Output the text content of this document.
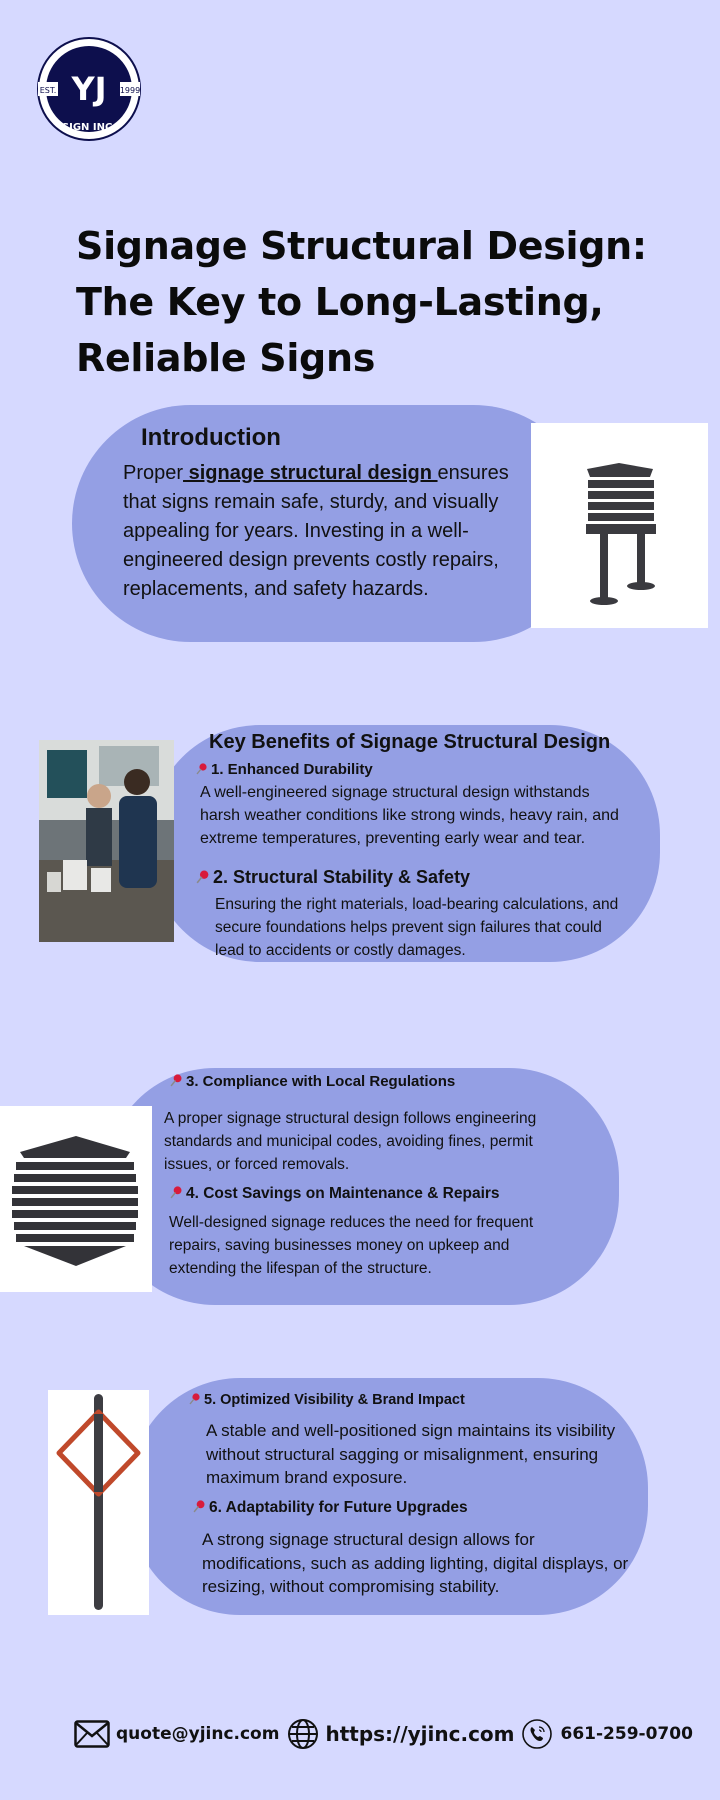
YJ
EST.	1999
SIGN INC.
Signage Structural Design: The Key to Long-Lasting, Reliable Signs
Introduction
Proper signage structural design ensures that signs remain safe, sturdy, and visually appealing for years. Investing in a well-engineered design prevents costly repairs, replacements, and safety hazards.
Key Benefits of Signage Structural Design
1. Enhanced Durability
A well-engineered signage structural design withstands harsh weather conditions like strong winds, heavy rain, and extreme temperatures, preventing early wear and tear.
2. Structural Stability & Safety
Ensuring the right materials, load-bearing calculations, and secure foundations helps prevent sign failures that could lead to accidents or costly damages.
3. Compliance with Local Regulations
A proper signage structural design follows engineering standards and municipal codes, avoiding fines, permit issues, or forced removals.
4. Cost Savings on Maintenance & Repairs
Well-designed signage reduces the need for frequent repairs, saving businesses money on upkeep and extending the lifespan of the structure.
5. Optimized Visibility & Brand Impact
A stable and well-positioned sign maintains its visibility without structural sagging or misalignment, ensuring maximum brand exposure.
6. Adaptability for Future Upgrades
A strong signage structural design allows for modifications, such as adding lighting, digital displays, or resizing, without compromising stability.
quote@yjinc.com https://yjinc.com	661-259-0700
